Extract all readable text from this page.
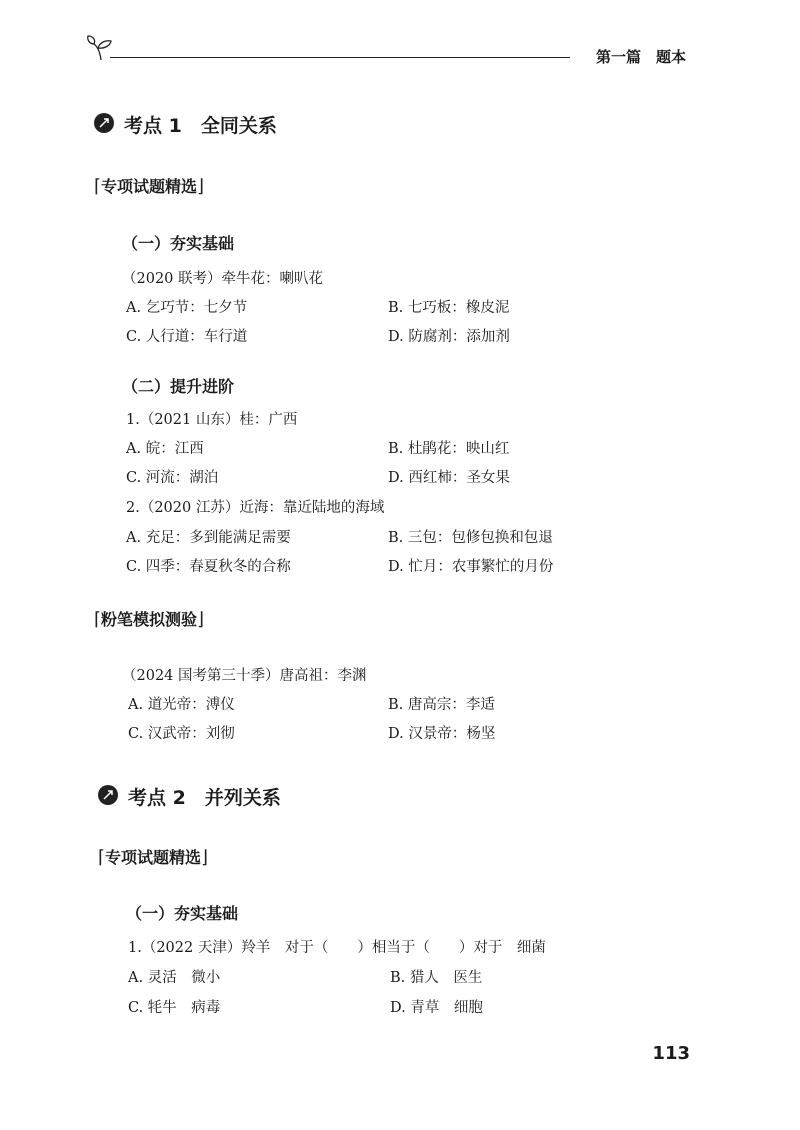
第一篇　题本
考点 1　全同关系
⌈专项试题精选⌋
（一）夯实基础
（2020 联考）牵牛花：喇叭花
A. 乞巧节：七夕节	B. 七巧板：橡皮泥
C. 人行道：车行道	D. 防腐剂：添加剂
（二）提升进阶
1.（2021 山东）桂：广西
A. 皖：江西	B. 杜鹃花：映山红
C. 河流：湖泊	D. 西红柿：圣女果
2.（2020 江苏）近海：靠近陆地的海域
A. 充足：多到能满足需要	B. 三包：包修包换和包退
C. 四季：春夏秋冬的合称	D. 忙月：农事繁忙的月份
⌈粉笔模拟测验⌋
（2024 国考第三十季）唐高祖：李渊
A. 道光帝：溥仪	B. 唐高宗：李适
C. 汉武帝：刘彻	D. 汉景帝：杨坚
考点 2　并列关系
⌈专项试题精选⌋
（一）夯实基础
1.（2022 天津）羚羊　对于（　　）相当于（　　）对于　细菌
A. 灵活　微小	B. 猎人　医生
C. 牦牛　病毒	D. 青草　细胞
113
